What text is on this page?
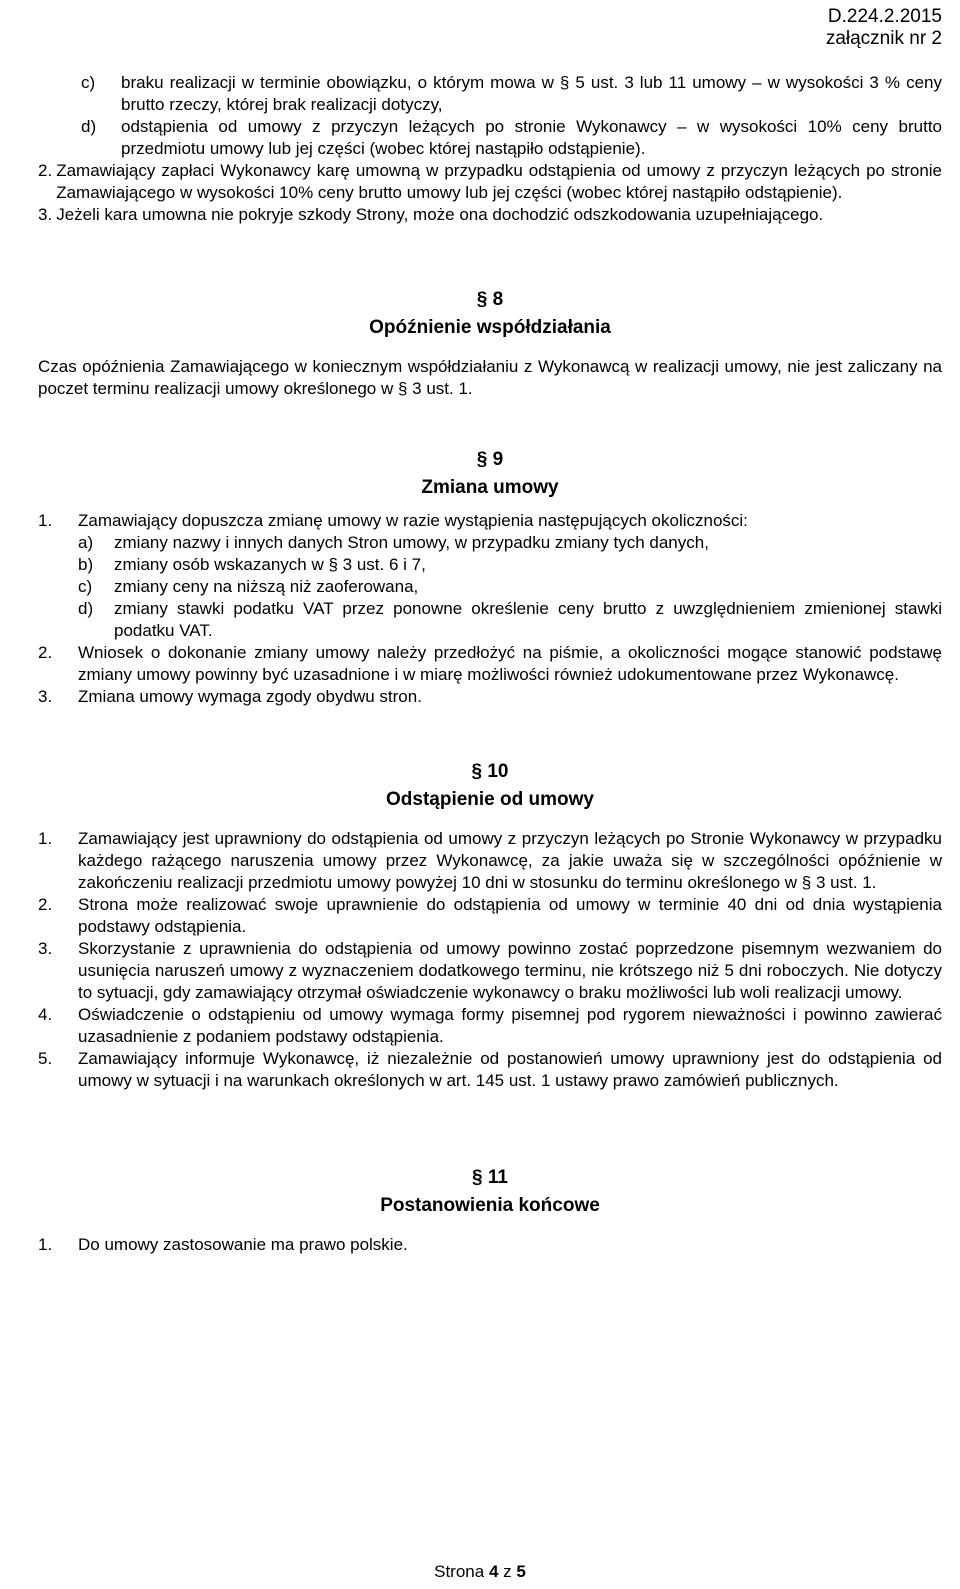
D.224.2.2015
załącznik nr 2
c)	braku realizacji w terminie obowiązku, o którym mowa w § 5 ust. 3 lub 11 umowy – w wysokości 3 % ceny brutto rzeczy, której brak realizacji dotyczy,
d)	odstąpienia od umowy z przyczyn leżących po stronie Wykonawcy – w wysokości 10% ceny brutto przedmiotu umowy lub jej części (wobec której nastąpiło odstąpienie).
2. Zamawiający zapłaci Wykonawcy karę umowną w przypadku odstąpienia od umowy z przyczyn leżących po stronie Zamawiającego w wysokości 10% ceny brutto umowy lub jej części (wobec której nastąpiło odstąpienie).
3. Jeżeli kara umowna nie pokryje szkody Strony, może ona dochodzić odszkodowania uzupełniającego.
§ 8
Opóźnienie współdziałania
Czas opóźnienia Zamawiającego w koniecznym współdziałaniu z Wykonawcą w realizacji umowy, nie jest zaliczany na poczet terminu realizacji umowy określonego w § 3 ust. 1.
§ 9
Zmiana umowy
1.	Zamawiający dopuszcza zmianę umowy w razie wystąpienia następujących okoliczności:
a)	zmiany nazwy i innych danych Stron umowy, w przypadku zmiany tych danych,
b)	zmiany osób wskazanych w § 3 ust. 6 i 7,
c)	zmiany ceny na niższą niż zaoferowana,
d)	zmiany stawki podatku VAT przez ponowne określenie ceny brutto z uwzględnieniem zmienionej stawki podatku VAT.
2.	Wniosek o dokonanie zmiany umowy należy przedłożyć na piśmie, a okoliczności mogące stanowić podstawę zmiany umowy powinny być uzasadnione i w miarę możliwości również udokumentowane przez Wykonawcę.
3.	Zmiana umowy wymaga zgody obydwu stron.
§ 10
Odstąpienie od umowy
1.	Zamawiający jest uprawniony do odstąpienia od umowy z przyczyn leżących po Stronie Wykonawcy w przypadku każdego rażącego naruszenia umowy przez Wykonawcę, za jakie uważa się w szczególności opóźnienie w zakończeniu realizacji przedmiotu umowy powyżej 10 dni w stosunku do terminu określonego w § 3 ust. 1.
2.	Strona może realizować swoje uprawnienie do odstąpienia od umowy w terminie 40 dni od dnia wystąpienia podstawy odstąpienia.
3.	Skorzystanie z uprawnienia do odstąpienia od umowy powinno zostać poprzedzone pisemnym wezwaniem do usunięcia naruszeń umowy z wyznaczeniem dodatkowego terminu, nie krótszego niż 5 dni roboczych. Nie dotyczy to sytuacji, gdy zamawiający otrzymał oświadczenie wykonawcy o braku możliwości lub woli realizacji umowy.
4.	Oświadczenie o odstąpieniu od umowy wymaga formy pisemnej pod rygorem nieważności i powinno zawierać uzasadnienie z podaniem podstawy odstąpienia.
5.	Zamawiający informuje Wykonawcę, iż niezależnie od postanowień umowy uprawniony jest do odstąpienia od umowy w sytuacji i na warunkach określonych w art. 145 ust. 1 ustawy prawo zamówień publicznych.
§ 11
Postanowienia końcowe
1.	Do umowy zastosowanie ma prawo polskie.
Strona 4 z 5
